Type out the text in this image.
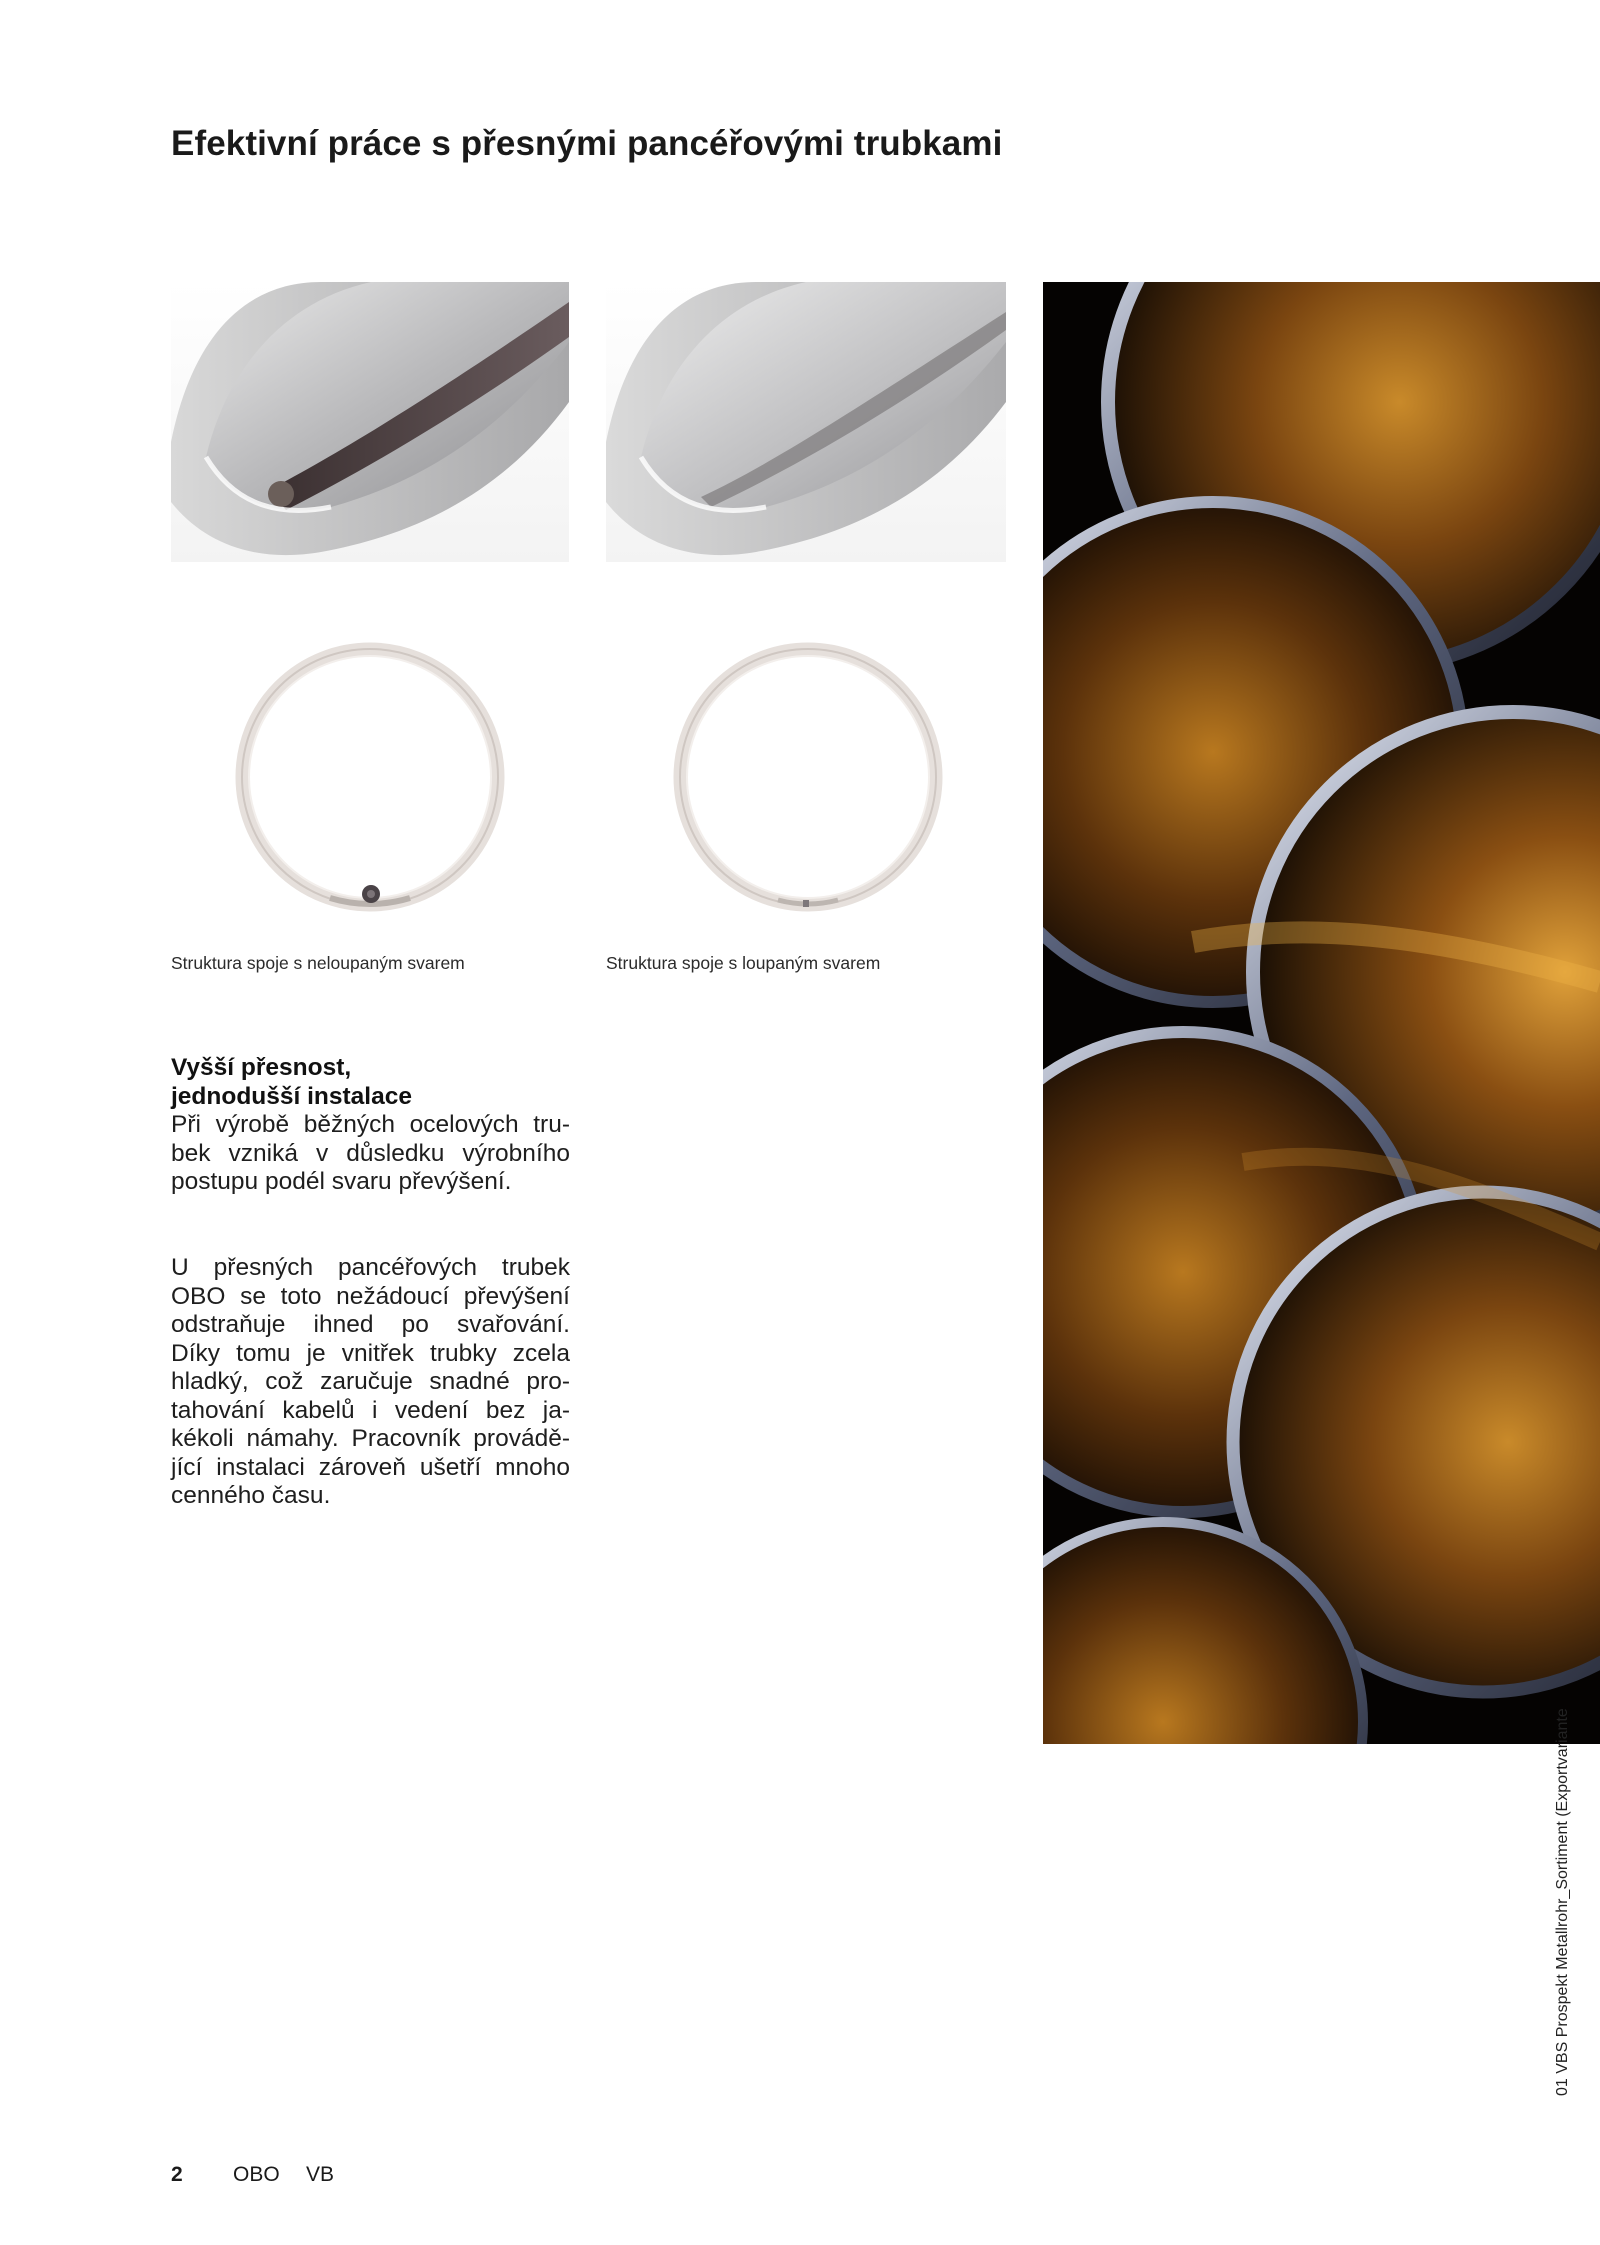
Efektivní práce s přesnými pancéřovými trubkami

Struktura spoje s neloupaným svarem	Struktura spoje s loupaným svarem

Vyšší přesnost,
jednodušší instalace

Při výrobě běžných ocelových tru-
bek vzniká v důsledku výrobního
postupu podél svaru převýšení.

U přesných pancéřových trubek
OBO se toto nežádoucí převýšení
odstraňuje ihned po svařování.
Díky tomu je vnitřek trubky zcela
hladký, což zaručuje snadné pro-
tahování kabelů i vedení bez ja-
kékoli námahy. Pracovník provádě-
jící instalaci zároveň ušetří mnoho
cenného času.

01 VBS Prospekt Metallrohr_Sortiment (Exportvariante
2 OBO VB
